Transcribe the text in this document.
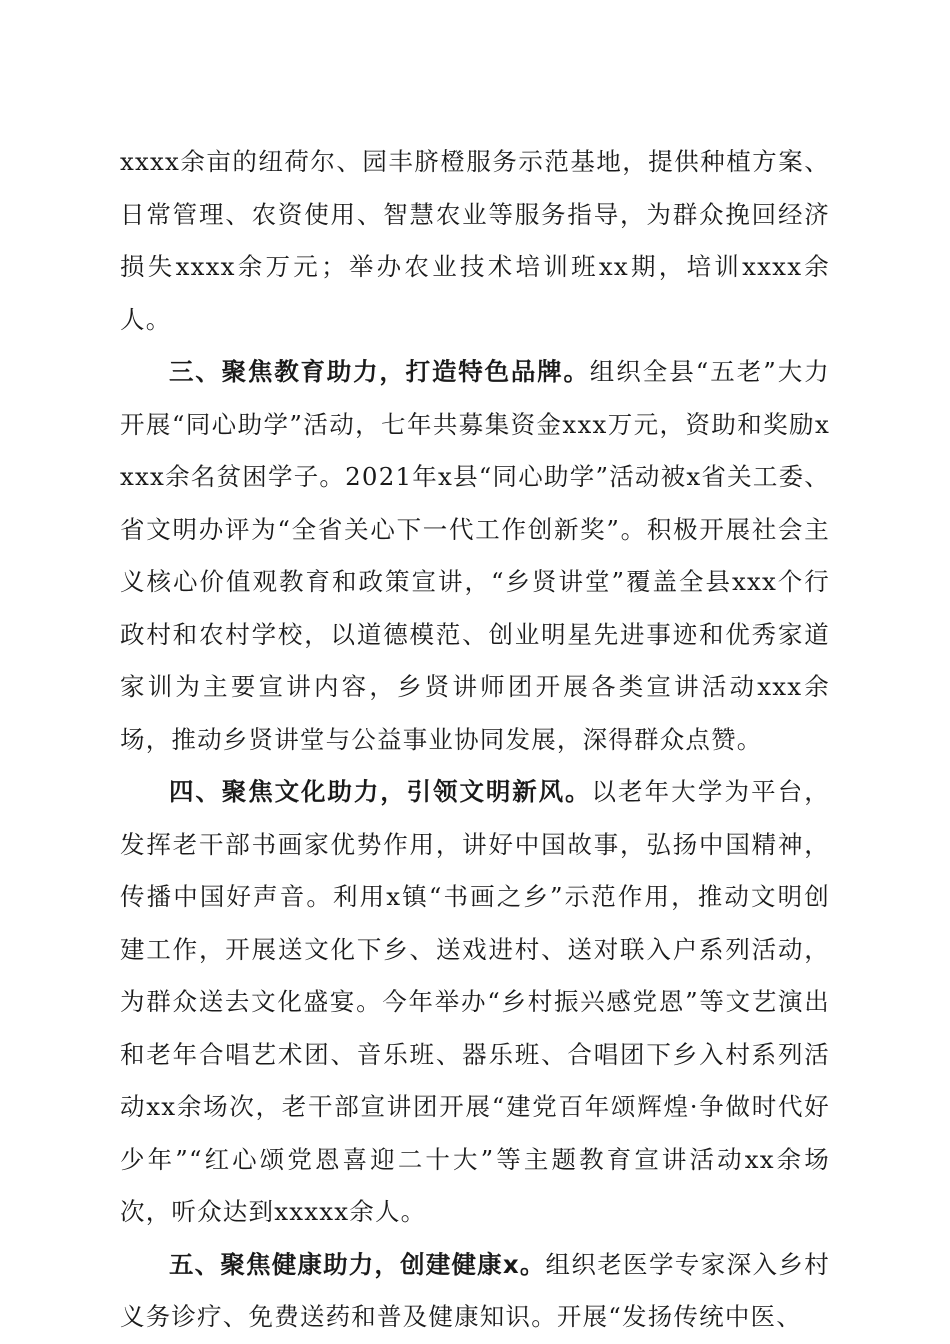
xxxx余亩的纽荷尔、园丰脐橙服务示范基地，提供种植方案、日常管理、农资使用、智慧农业等服务指导，为群众挽回经济损失xxxx余万元；举办农业技术培训班xx期，培训xxxx余人。

三、聚焦教育助力，打造特色品牌。组织全县“五老”大力开展“同心助学”活动，七年共募集资金xxx万元，资助和奖励xxxx余名贫困学子。2021年x县“同心助学”活动被x省关工委、省文明办评为“全省关心下一代工作创新奖”。积极开展社会主义核心价值观教育和政策宣讲，“乡贤讲堂”覆盖全县xxx个行政村和农村学校，以道德模范、创业明星先进事迹和优秀家道家训为主要宣讲内容，乡贤讲师团开展各类宣讲活动xxx余场，推动乡贤讲堂与公益事业协同发展，深得群众点赞。

四、聚焦文化助力，引领文明新风。以老年大学为平台，发挥老干部书画家优势作用，讲好中国故事，弘扬中国精神，传播中国好声音。利用x镇“书画之乡”示范作用，推动文明创建工作，开展送文化下乡、送戏进村、送对联入户系列活动，为群众送去文化盛宴。今年举办“乡村振兴感党恩”等文艺演出和老年合唱艺术团、音乐班、器乐班、合唱团下乡入村系列活动xx余场次，老干部宣讲团开展“建党百年颂辉煌·争做时代好少年”“红心颂党恩喜迎二十大”等主题教育宣讲活动xx余场次，听众达到xxxxx余人。

五、聚焦健康助力，创建健康x。组织老医学专家深入乡村义务诊疗、免费送药和普及健康知识。开展“发扬传统中医、
